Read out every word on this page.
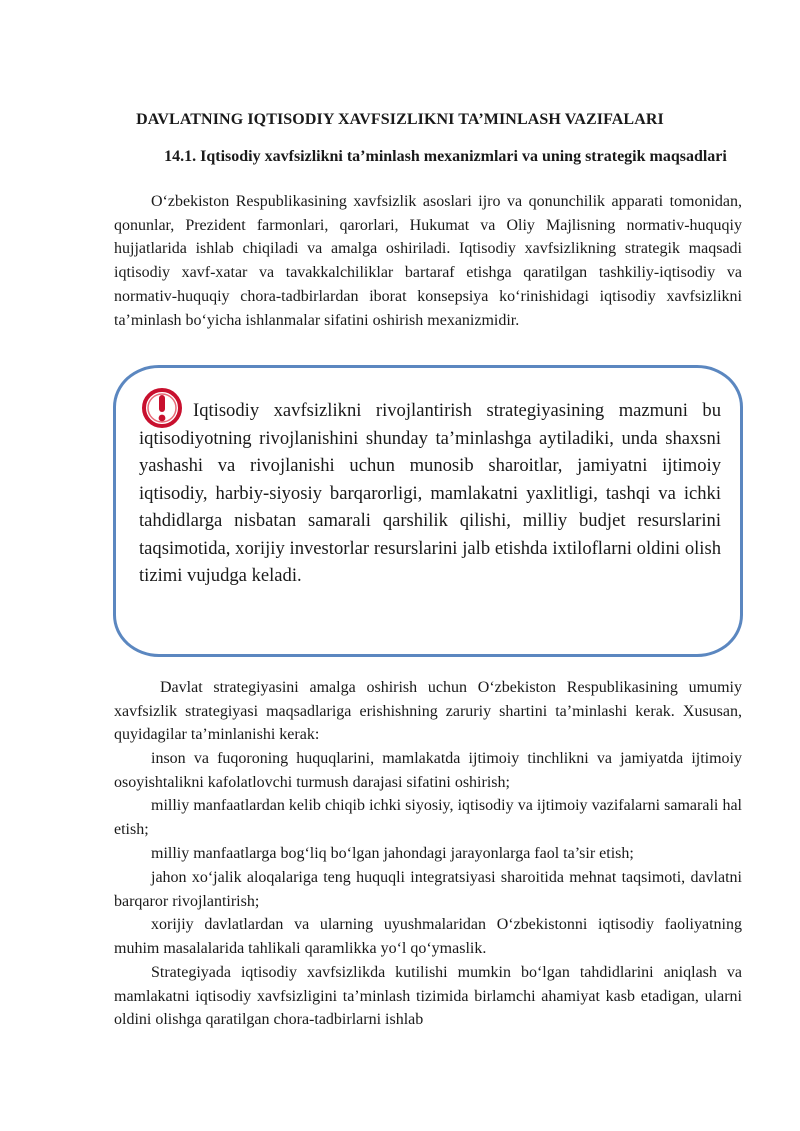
DAVLATNING IQTISODIY XAVFSIZLIKNI TA’MINLASH VAZIFALARI
14.1. Iqtisodiy xavfsizlikni ta’minlash mexanizmlari va uning strategik maqsadlari
O‘zbekiston Respublikasining xavfsizlik asoslari ijro va qonunchilik apparati tomonidan, qonunlar, Prezident farmonlari, qarorlari, Hukumat va Oliy Majlisning normativ-huquqiy hujjatlarida ishlab chiqiladi va amalga oshiriladi. Iqtisodiy xavfsizlikning strategik maqsadi iqtisodiy xavf-xatar va tavakkalchiliklar bartaraf etishga qaratilgan tashkiliy-iqtisodiy va normativ-huquqiy chora-tadbirlardan iborat konsepsiya ko‘rinishidagi iqtisodiy xavfsizlikni ta’minlash bo‘yicha ishlanmalar sifatini oshirish mexanizmidir.
Iqtisodiy xavfsizlikni rivojlantirish strategiyasining mazmuni bu iqtisodiyotning rivojlanishini shunday ta’minlashga aytiladiki, unda shaxsni yashashi va rivojlanishi uchun munosib sharoitlar, jamiyatni ijtimoiy iqtisodiy, harbiy-siyosiy barqarorligi, mamlakatni yaxlitligi, tashqi va ichki tahdidlarga nisbatan samarali qarshilik qilishi, milliy budjet resurslarini taqsimotida, xorijiy investorlar resurslarini jalb etishda ixtiloflarni oldini olish tizimi vujudga keladi.
Davlat strategiyasini amalga oshirish uchun O‘zbekiston Respublikasining umumiy xavfsizlik strategiyasi maqsadlariga erishishning zaruriy shartini ta’minlashi kerak. Xususan, quyidagilar ta’minlanishi kerak:
inson va fuqoroning huquqlarini, mamlakatda ijtimoiy tinchlikni va jamiyatda ijtimoiy osoyishtalikni kafolatlovchi turmush darajasi sifatini oshirish;
milliy manfaatlardan kelib chiqib ichki siyosiy, iqtisodiy va ijtimoiy vazifalarni samarali hal etish;
milliy manfaatlarga bog‘liq bo‘lgan jahondagi jarayonlarga faol ta’sir etish;
jahon xo‘jalik aloqalariga teng huquqli integratsiyasi sharoitida mehnat taqsimoti, davlatni barqaror rivojlantirish;
xorijiy davlatlardan va ularning uyushmalaridan O‘zbekistonni iqtisodiy faoliyatning muhim masalalarida tahlikali qaramlikka yo‘l qo‘ymaslik.
Strategiyada iqtisodiy xavfsizlikda kutilishi mumkin bo‘lgan tahdidlarini aniqlash va mamlakatni iqtisodiy xavfsizligini ta’minlash tizimida birlamchi ahamiyat kasb etadigan, ularni oldini olishga qaratilgan chora-tadbirlarni ishlab
